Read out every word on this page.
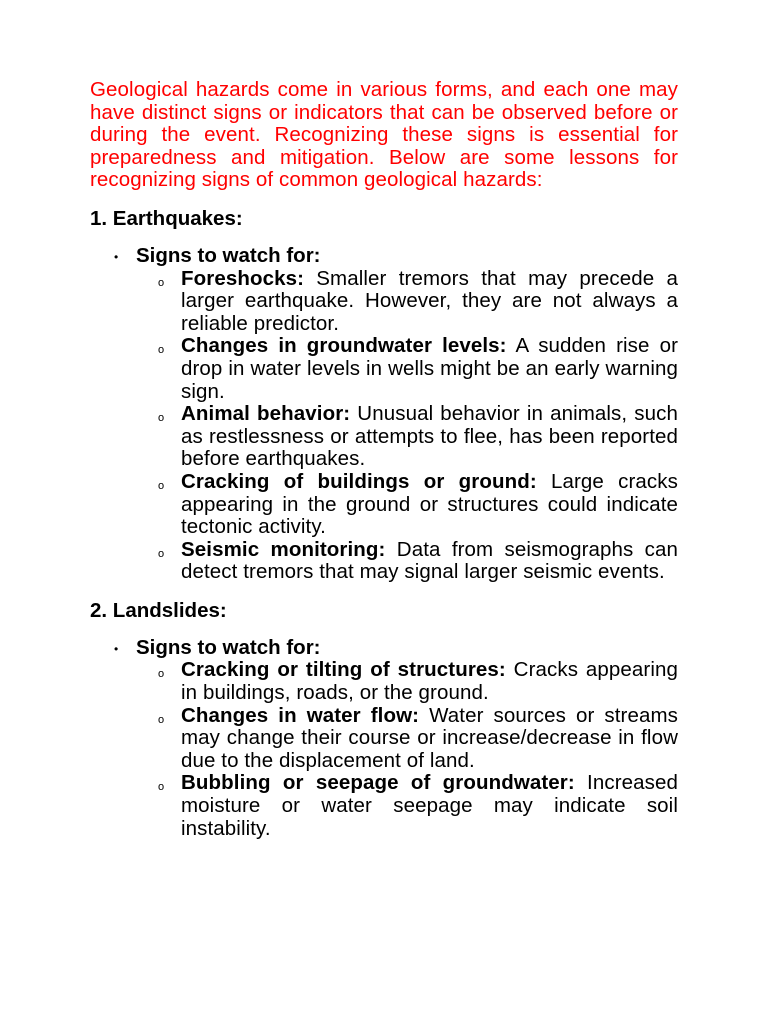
Geological hazards come in various forms, and each one may have distinct signs or indicators that can be observed before or during the event. Recognizing these signs is essential for preparedness and mitigation. Below are some lessons for recognizing signs of common geological hazards:

1. Earthquakes:
• Signs to watch for:
o Foreshocks: Smaller tremors that may precede a larger earthquake. However, they are not always a reliable predictor.
o Changes in groundwater levels: A sudden rise or drop in water levels in wells might be an early warning sign.
o Animal behavior: Unusual behavior in animals, such as restlessness or attempts to flee, has been reported before earthquakes.
o Cracking of buildings or ground: Large cracks appearing in the ground or structures could indicate tectonic activity.
o Seismic monitoring: Data from seismographs can detect tremors that may signal larger seismic events.
2. Landslides:
• Signs to watch for:
o Cracking or tilting of structures: Cracks appearing in buildings, roads, or the ground.
o Changes in water flow: Water sources or streams may change their course or increase/decrease in flow due to the displacement of land.
o Bubbling or seepage of groundwater: Increased moisture or water seepage may indicate soil instability.
